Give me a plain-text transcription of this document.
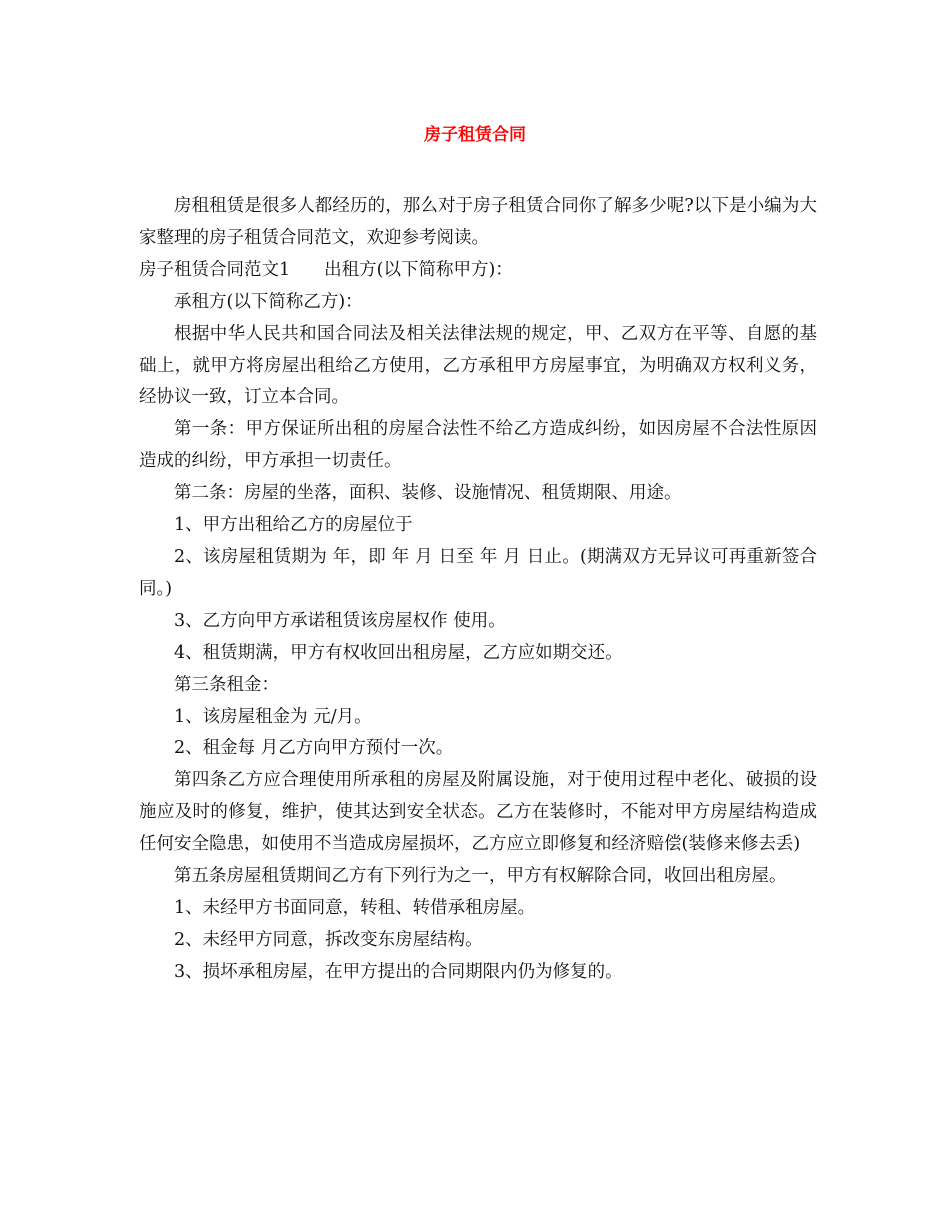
房子租赁合同

房租租赁是很多人都经历的，那么对于房子租赁合同你了解多少呢?以下是小编为大家整理的房子租赁合同范文，欢迎参考阅读。

房子租赁合同范文1 出租方(以下简称甲方)：

承租方(以下简称乙方)：

根据中华人民共和国合同法及相关法律法规的规定，甲、乙双方在平等、自愿的基础上，就甲方将房屋出租给乙方使用，乙方承租甲方房屋事宜，为明确双方权利义务，经协议一致，订立本合同。

第一条：甲方保证所出租的房屋合法性不给乙方造成纠纷，如因房屋不合法性原因造成的纠纷，甲方承担一切责任。

第二条：房屋的坐落，面积、装修、设施情况、租赁期限、用途。

1、甲方出租给乙方的房屋位于

2、该房屋租赁期为 年，即 年 月 日至 年 月 日止。(期满双方无异议可再重新签合同。)

3、乙方向甲方承诺租赁该房屋权作 使用。

4、租赁期满，甲方有权收回出租房屋，乙方应如期交还。

第三条租金：

1、该房屋租金为 元/月。

2、租金每 月乙方向甲方预付一次。

第四条乙方应合理使用所承租的房屋及附属设施，对于使用过程中老化、破损的设施应及时的修复，维护，使其达到安全状态。乙方在装修时，不能对甲方房屋结构造成任何安全隐患，如使用不当造成房屋损坏，乙方应立即修复和经济赔偿(装修来修去丢)

第五条房屋租赁期间乙方有下列行为之一，甲方有权解除合同，收回出租房屋。

1、未经甲方书面同意，转租、转借承租房屋。

2、未经甲方同意，拆改变东房屋结构。

3、损坏承租房屋，在甲方提出的合同期限内仍为修复的。
